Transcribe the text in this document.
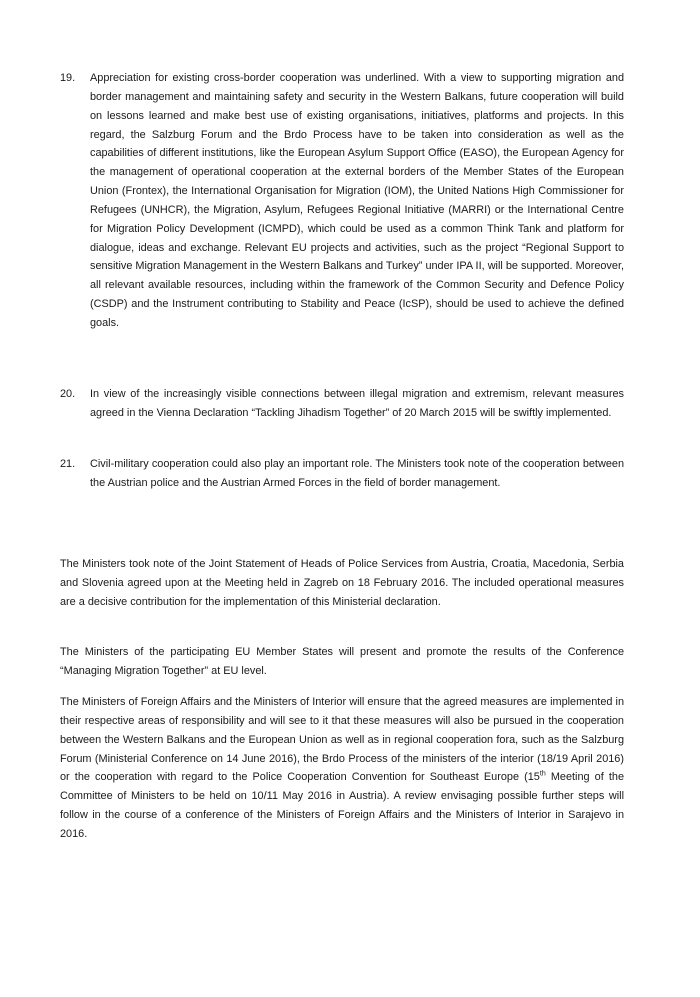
19. Appreciation for existing cross-border cooperation was underlined. With a view to supporting migration and border management and maintaining safety and security in the Western Balkans, future cooperation will build on lessons learned and make best use of existing organisations, initiatives, platforms and projects. In this regard, the Salzburg Forum and the Brdo Process have to be taken into consideration as well as the capabilities of different institutions, like the European Asylum Support Office (EASO), the European Agency for the management of operational cooperation at the external borders of the Member States of the European Union (Frontex), the International Organisation for Migration (IOM), the United Nations High Commissioner for Refugees (UNHCR), the Migration, Asylum, Refugees Regional Initiative (MARRI) or the International Centre for Migration Policy Development (ICMPD), which could be used as a common Think Tank and platform for dialogue, ideas and exchange. Relevant EU projects and activities, such as the project “Regional Support to sensitive Migration Management in the Western Balkans and Turkey” under IPA II, will be supported. Moreover, all relevant available resources, including within the framework of the Common Security and Defence Policy (CSDP) and the Instrument contributing to Stability and Peace (IcSP), should be used to achieve the defined goals.
20. In view of the increasingly visible connections between illegal migration and extremism, relevant measures agreed in the Vienna Declaration “Tackling Jihadism Together” of 20 March 2015 will be swiftly implemented.
21. Civil-military cooperation could also play an important role. The Ministers took note of the cooperation between the Austrian police and the Austrian Armed Forces in the field of border management.

The Ministers took note of the Joint Statement of Heads of Police Services from Austria, Croatia, Macedonia, Serbia and Slovenia agreed upon at the Meeting held in Zagreb on 18 February 2016. The included operational measures are a decisive contribution for the implementation of this Ministerial declaration.

The Ministers of the participating EU Member States will present and promote the results of the Conference “Managing Migration Together” at EU level.

The Ministers of Foreign Affairs and the Ministers of Interior will ensure that the agreed measures are implemented in their respective areas of responsibility and will see to it that these measures will also be pursued in the cooperation between the Western Balkans and the European Union as well as in regional cooperation fora, such as the Salzburg Forum (Ministerial Conference on 14 June 2016), the Brdo Process of the ministers of the interior (18/19 April 2016) or the cooperation with regard to the Police Cooperation Convention for Southeast Europe (15th Meeting of the Committee of Ministers to be held on 10/11 May 2016 in Austria). A review envisaging possible further steps will follow in the course of a conference of the Ministers of Foreign Affairs and the Ministers of Interior in Sarajevo in 2016.
